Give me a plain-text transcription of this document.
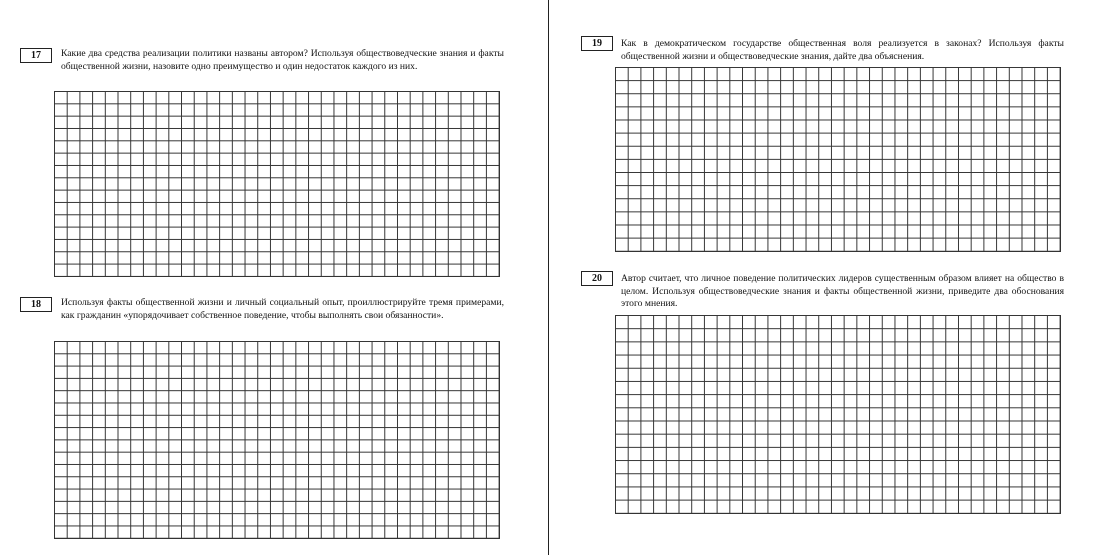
17	Какие два средства реализации политики названы автором? Используя обществоведческие знания и факты общественной жизни, назовите одно преимущество и один недостаток каждого из них.

18	Используя факты общественной жизни и личный социальный опыт, проиллюстрируйте тремя примерами, как гражданин «упорядочивает собственное поведение, чтобы выполнять свои обязанности».

19	Как в демократическом государстве общественная воля реализуется в законах? Используя факты общественной жизни и обществоведческие знания, дайте два объяснения.

20	Автор считает, что личное поведение политических лидеров существенным образом влияет на общество в целом. Используя обществоведческие знания и факты общественной жизни, приведите два обоснования этого мнения.
